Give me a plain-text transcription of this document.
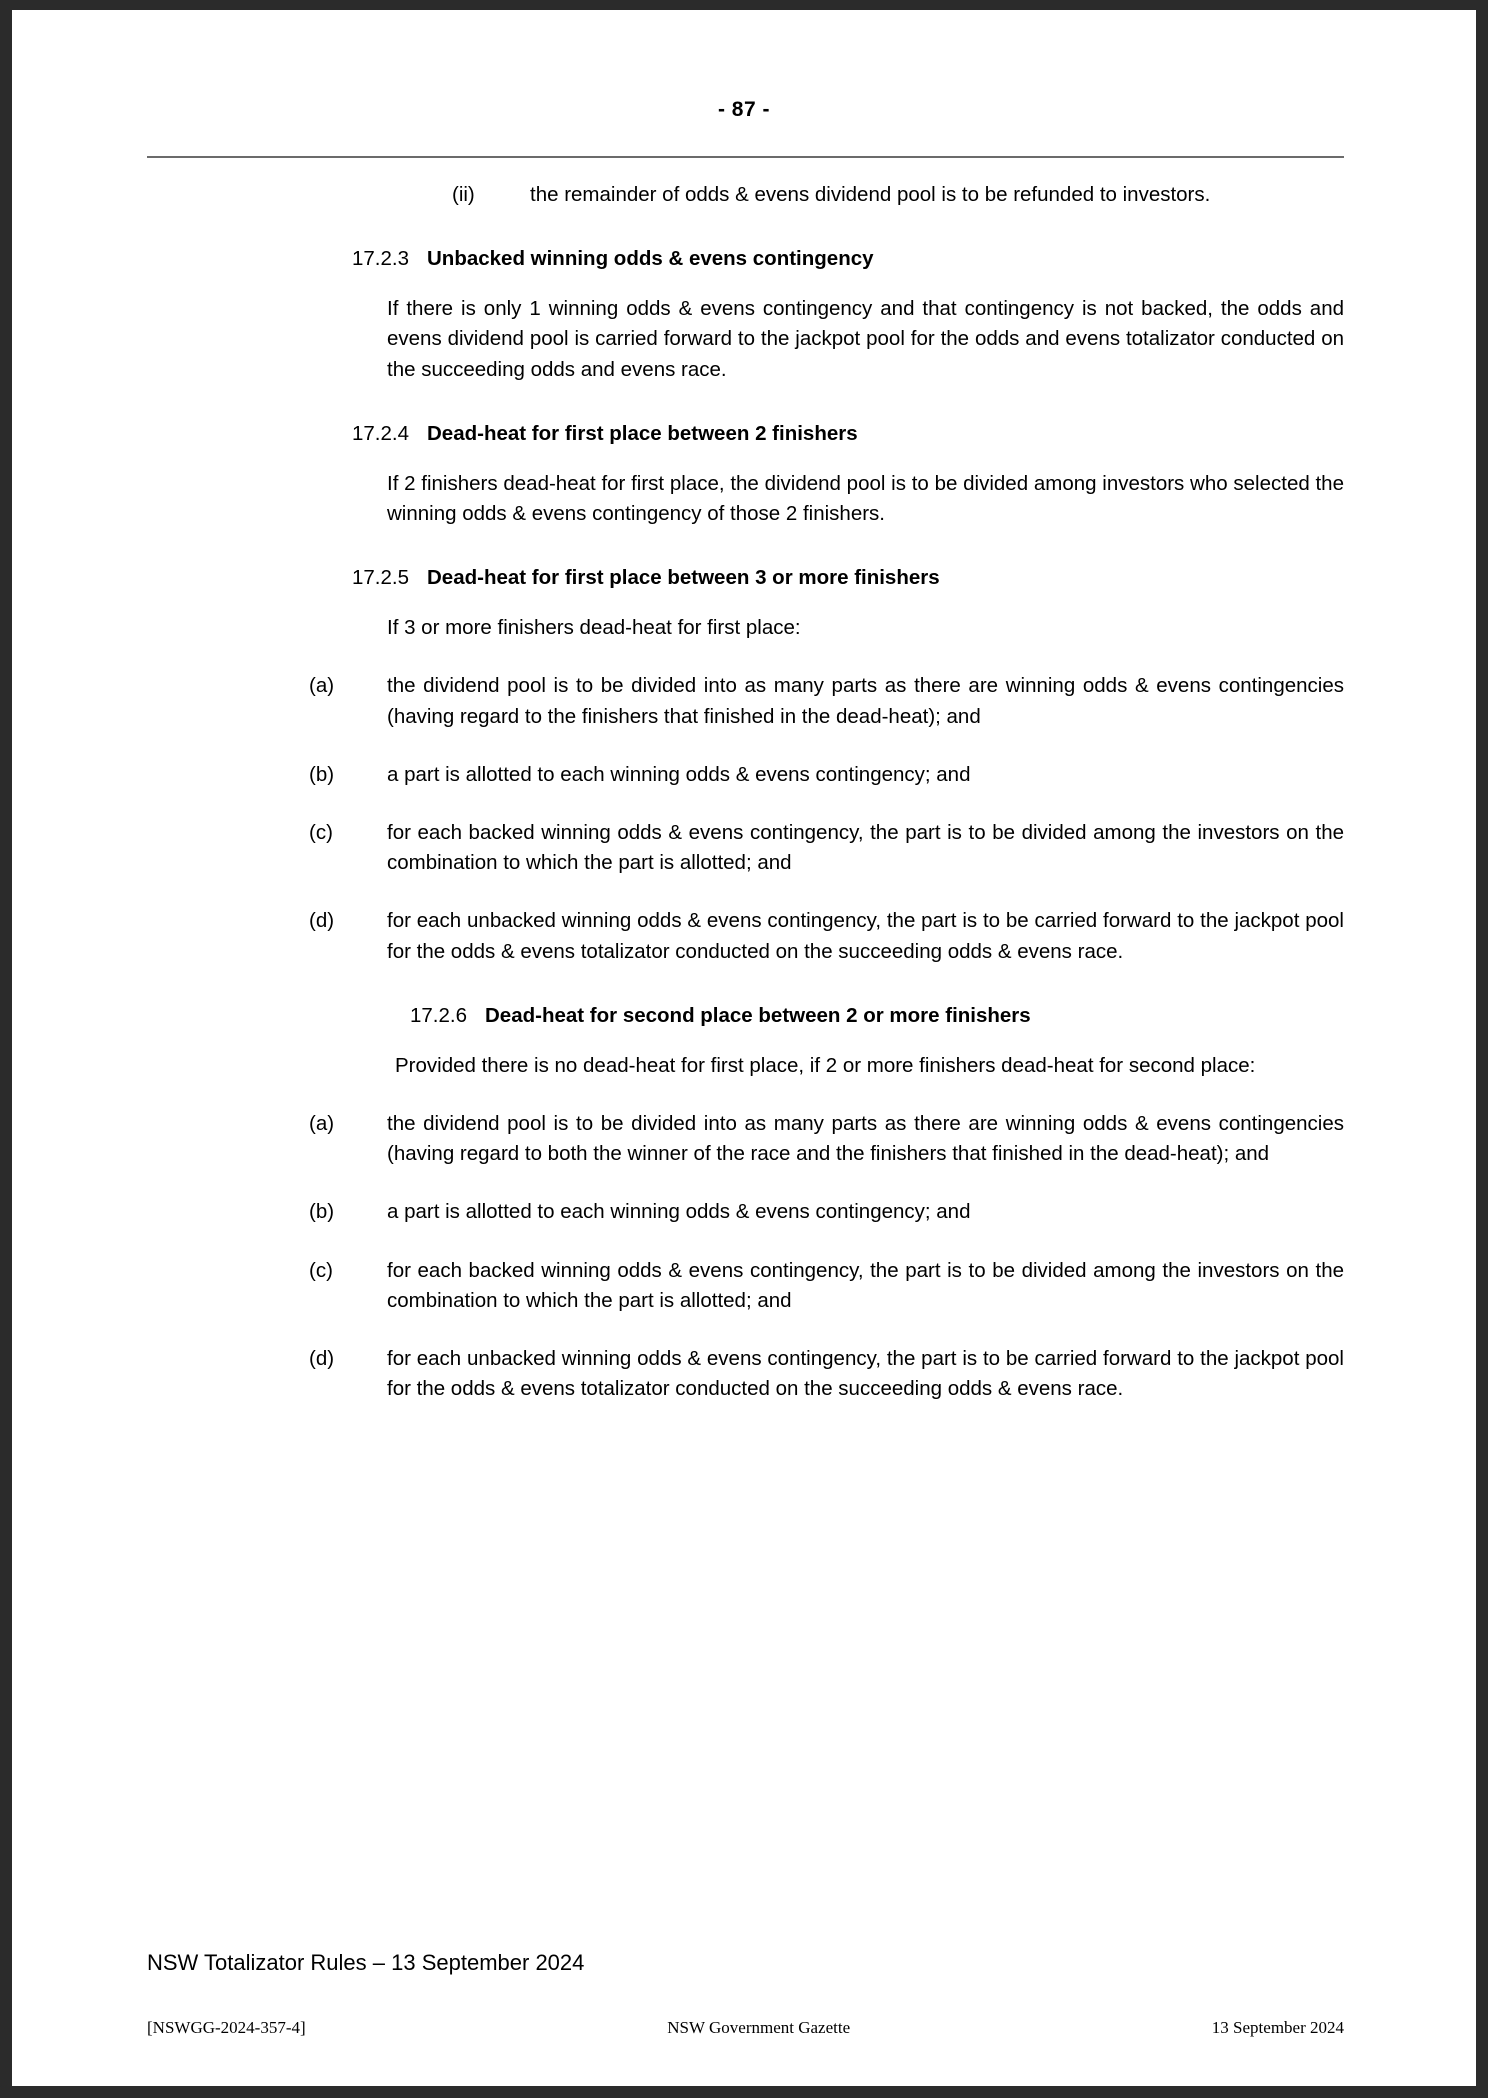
- 87 -
(ii)	the remainder of odds & evens dividend pool is to be refunded to investors.

17.2.3 Unbacked winning odds & evens contingency

If there is only 1 winning odds & evens contingency and that contingency is not backed, the odds and evens dividend pool is carried forward to the jackpot pool for the odds and evens totalizator conducted on the succeeding odds and evens race.

17.2.4 Dead-heat for first place between 2 finishers

If 2 finishers dead-heat for first place, the dividend pool is to be divided among investors who selected the winning odds & evens contingency of those 2 finishers.

17.2.5 Dead-heat for first place between 3 or more finishers

If 3 or more finishers dead-heat for first place:

(a)	the dividend pool is to be divided into as many parts as there are winning odds & evens contingencies (having regard to the finishers that finished in the dead-heat); and

(b)	a part is allotted to each winning odds & evens contingency; and

(c)	for each backed winning odds & evens contingency, the part is to be divided among the investors on the combination to which the part is allotted; and

(d)	for each unbacked winning odds & evens contingency, the part is to be carried forward to the jackpot pool for the odds & evens totalizator conducted on the succeeding odds & evens race.

17.2.6 Dead-heat for second place between 2 or more finishers

Provided there is no dead-heat for first place, if 2 or more finishers dead-heat for second place:

(a)	the dividend pool is to be divided into as many parts as there are winning odds & evens contingencies (having regard to both the winner of the race and the finishers that finished in the dead-heat); and

(b)	a part is allotted to each winning odds & evens contingency; and

(c)	for each backed winning odds & evens contingency, the part is to be divided among the investors on the combination to which the part is allotted; and

(d)	for each unbacked winning odds & evens contingency, the part is to be carried forward to the jackpot pool for the odds & evens totalizator conducted on the succeeding odds & evens race.

NSW Totalizator Rules – 13 September 2024
[NSWGG-2024-357-4]	NSW Government Gazette	13 September 2024
